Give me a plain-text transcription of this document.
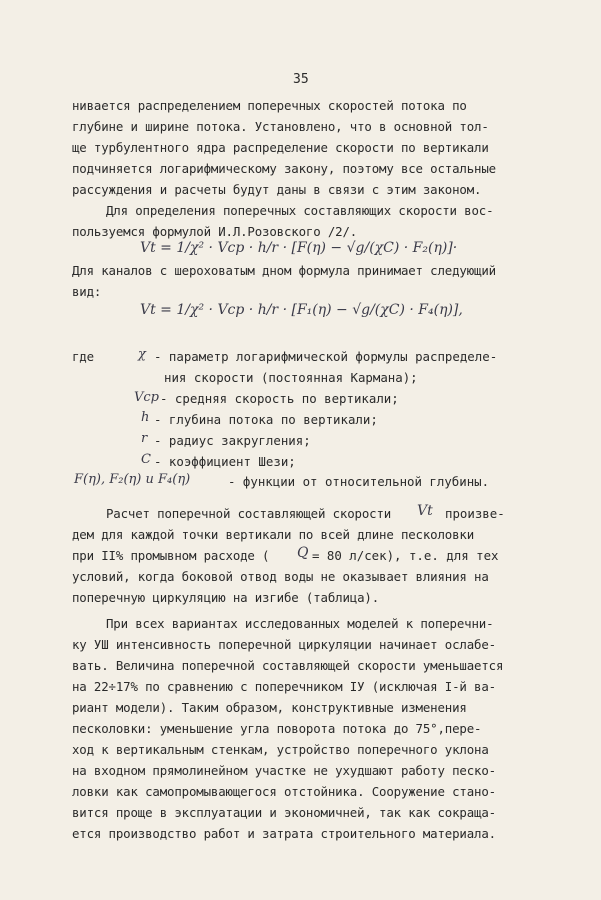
35
нивается распределением поперечных скоростей потока по
глубине и ширине потока. Установлено, что в основной тол-
ще турбулентного ядра распределение скорости по вертикали
подчиняется логарифмическому закону, поэтому все остальные
рассуждения и расчеты будут даны в связи с этим законом.
Для определения поперечных составляющих скорости вос-
пользуемся формулой И.Л.Розовского /2/.
Vt = 1/χ² · Vср · h/r · [F(η) − √g/(χC) · F₂(η)]·
Для каналов с шероховатым дном формула принимает следующий
вид:
Vt = 1/χ² · Vср · h/r · [F₁(η) − √g/(χC) · F₄(η)],
где	χ - параметр логарифмической формулы распределе-
ния скорости (постоянная Кармана);
Vср - средняя скорость по вертикали;
h - глубина потока по вертикали;
r - радиус закругления;
C - коэффициент Шези;
F(η), F₂(η) и F₄(η)	- функции от относительной глубины.
Расчет поперечной составляющей скорости Vt произве-
дем для каждой точки вертикали по всей длине песколовки
при II% промывном расходе ( Q = 80 л/сек), т.е. для тех
условий, когда боковой отвод воды не оказывает влияния на
поперечную циркуляцию на изгибе (таблица).
При всех вариантах исследованных моделей к поперечни-
ку УШ интенсивность поперечной циркуляции начинает ослабе-
вать. Величина поперечной составляющей скорости уменьшается
на 22÷17% по сравнению с поперечником IУ (исключая I-й ва-
риант модели). Таким образом, конструктивные изменения
песколовки: уменьшение угла поворота потока до 75°,пере-
ход к вертикальным стенкам, устройство поперечного уклона
на входном прямолинейном участке не ухудшают работу песко-
ловки как самопромывающегося отстойника. Сооружение стано-
вится проще в эксплуатации и экономичней, так как сокраща-
ется производство работ и затрата строительного материала.
